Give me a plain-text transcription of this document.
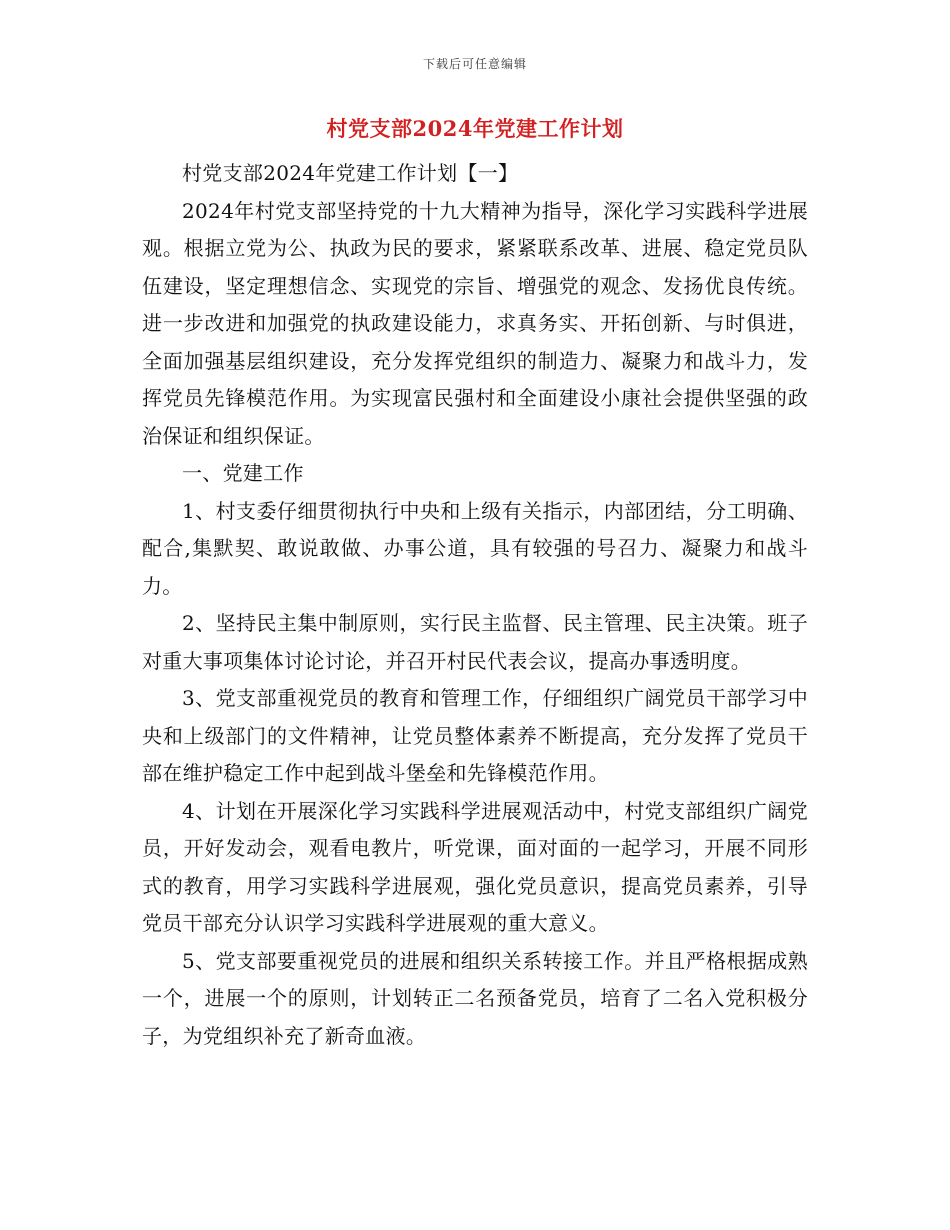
下载后可任意编辑
村党支部2024年党建工作计划

村党支部2024年党建工作计划【一】

2024年村党支部坚持党的十九大精神为指导，深化学习实践科学进展观。根据立党为公、执政为民的要求，紧紧联系改革、进展、稳定党员队伍建设，坚定理想信念、实现党的宗旨、增强党的观念、发扬优良传统。进一步改进和加强党的执政建设能力，求真务实、开拓创新、与时俱进，全面加强基层组织建设，充分发挥党组织的制造力、凝聚力和战斗力，发挥党员先锋模范作用。为实现富民强村和全面建设小康社会提供坚强的政治保证和组织保证。

一、党建工作

1、村支委仔细贯彻执行中央和上级有关指示，内部团结，分工明确、配合,集默契、敢说敢做、办事公道，具有较强的号召力、凝聚力和战斗力。

2、坚持民主集中制原则，实行民主监督、民主管理、民主决策。班子对重大事项集体讨论讨论，并召开村民代表会议，提高办事透明度。

3、党支部重视党员的教育和管理工作，仔细组织广阔党员干部学习中央和上级部门的文件精神，让党员整体素养不断提高，充分发挥了党员干部在维护稳定工作中起到战斗堡垒和先锋模范作用。

4、计划在开展深化学习实践科学进展观活动中，村党支部组织广阔党员，开好发动会，观看电教片，听党课，面对面的一起学习，开展不同形式的教育，用学习实践科学进展观，强化党员意识，提高党员素养，引导党员干部充分认识学习实践科学进展观的重大意义。

5、党支部要重视党员的进展和组织关系转接工作。并且严格根据成熟一个，进展一个的原则，计划转正二名预备党员，培育了二名入党积极分子，为党组织补充了新奇血液。
